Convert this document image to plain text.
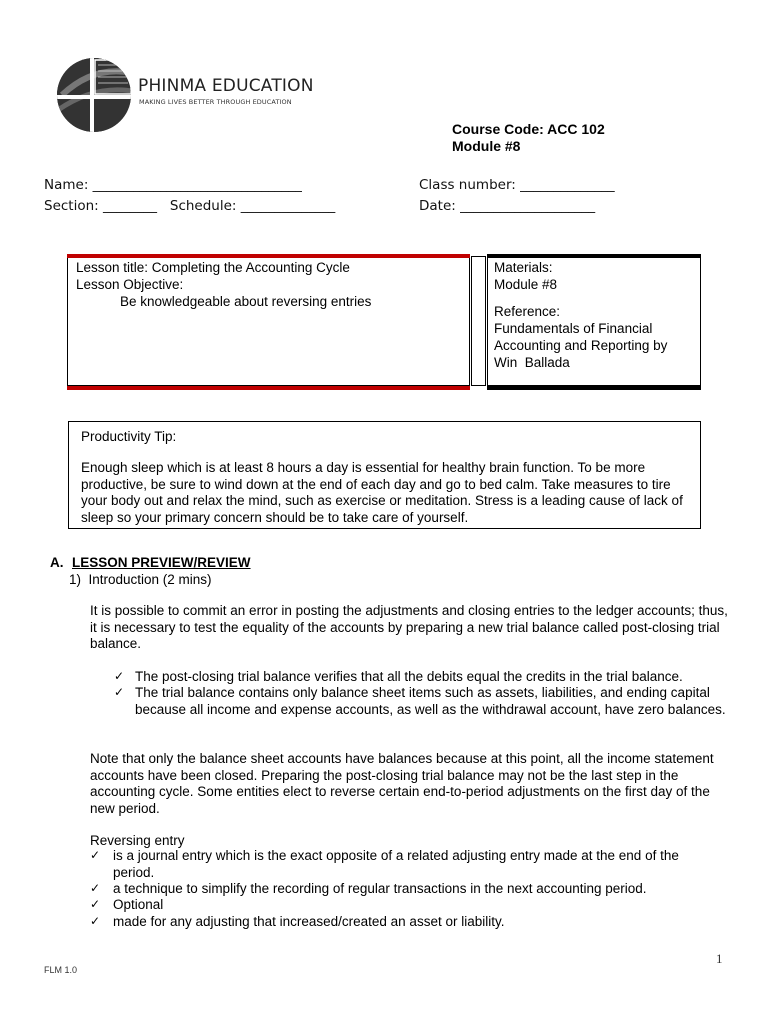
PHINMA EDUCATION
MAKING LIVES BETTER THROUGH EDUCATION
Course Code: ACC 102
Module #8
Name: _______________________________
Section: ________   Schedule: ______________
Class number: ______________
Date: ____________________
Lesson title: Completing the Accounting Cycle
Lesson Objective:
Be knowledgeable about reversing entries
Materials:
Module #8
Reference:
Fundamentals of Financial
Accounting and Reporting by
Win  Ballada
Productivity Tip:
Enough sleep which is at least 8 hours a day is essential for healthy brain function. To be more productive, be sure to wind down at the end of each day and go to bed calm. Take measures to tire your body out and relax the mind, such as exercise or meditation. Stress is a leading cause of lack of sleep so your primary concern should be to take care of yourself.
A. LESSON PREVIEW/REVIEW
1)  Introduction (2 mins)
It is possible to commit an error in posting the adjustments and closing entries to the ledger accounts; thus, it is necessary to test the equality of the accounts by preparing a new trial balance called post-closing trial balance.
✓ The post-closing trial balance verifies that all the debits equal the credits in the trial balance.
✓ The trial balance contains only balance sheet items such as assets, liabilities, and ending capital because all income and expense accounts, as well as the withdrawal account, have zero balances.
Note that only the balance sheet accounts have balances because at this point, all the income statement accounts have been closed. Preparing the post-closing trial balance may not be the last step in the accounting cycle. Some entities elect to reverse certain end-to-period adjustments on the first day of the new period.
Reversing entry
✓ is a journal entry which is the exact opposite of a related adjusting entry made at the end of the period.
✓ a technique to simplify the recording of regular transactions in the next accounting period.
✓ Optional
✓ made for any adjusting that increased/created an asset or liability.
1
FLM 1.0
